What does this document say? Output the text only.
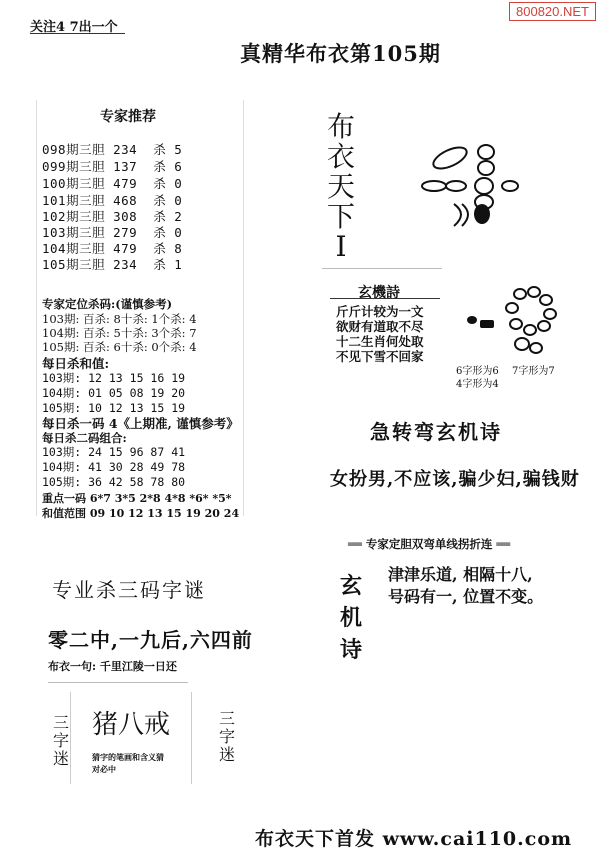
800820.NET
关注4 7出一个
真精华布衣第105期
专家推荐
098期三胆 234  杀 5
099期三胆 137  杀 6
100期三胆 479  杀 0
101期三胆 468  杀 0
102期三胆 308  杀 2
103期三胆 279  杀 0
104期三胆 479  杀 8
105期三胆 234  杀 1
专家定位杀码:(谨慎参考)
103期: 百杀: 8十杀: 1个杀: 4
104期: 百杀: 5十杀: 3个杀: 7
105期: 百杀: 6十杀: 0个杀: 4
每日杀和值:
103期: 12 13 15 16 19
104期: 01 05 08 19 20
105期: 10 12 13 15 19
每日杀一码 4《上期准, 谨慎参考》
每日杀二码组合:
103期: 24 15 96 87 41
104期: 41 30 28 49 78
105期: 36 42 58 78 80
重点一码 6*7 3*5 2*8 4*8 *6* *5*
和值范围 09 10 12 13 15 19 20 24
布
衣
天
下
Ⅰ
玄機詩
斤斤计较为一文
欲财有道取不尽
十二生肖何处取
不见下雪不回家
6字形为6 7字形为7
4字形为4
急转弯玄机诗
女扮男,不应该,骗少妇,骗钱财

══ 专家定胆双弯单线拐折连 ══

玄
机
诗
津津乐道, 相隔十八,
号码有一, 位置不变。
专业杀三码字谜
零二中,一九后,六四前
布衣一句: 千里江陵一日还
三
字
迷
猪八戒
猜字的笔画和含义猜
对必中
三
字
迷
布衣天下首发 www.cai110.com
